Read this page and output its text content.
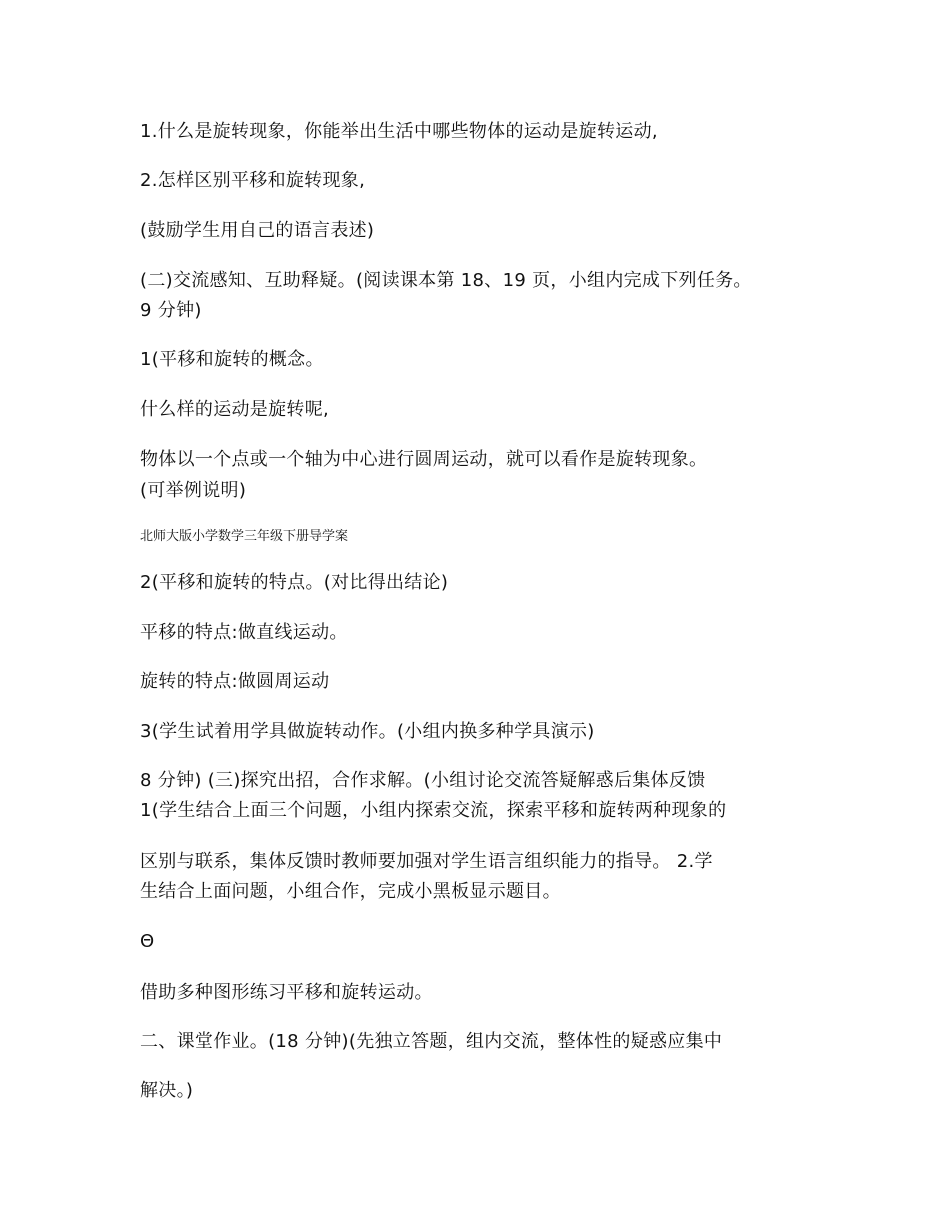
1.什么是旋转现象，你能举出生活中哪些物体的运动是旋转运动,
2.怎样区别平移和旋转现象,
(鼓励学生用自己的语言表述)
(二)交流感知、互助释疑。(阅读课本第 18、19 页，小组内完成下列任务。
9 分钟)
1(平移和旋转的概念。
什么样的运动是旋转呢,
物体以一个点或一个轴为中心进行圆周运动，就可以看作是旋转现象。
(可举例说明)
北师大版小学数学三年级下册导学案
2(平移和旋转的特点。(对比得出结论)
平移的特点:做直线运动。
旋转的特点:做圆周运动
3(学生试着用学具做旋转动作。(小组内换多种学具演示)
8 分钟) (三)探究出招，合作求解。(小组讨论交流答疑解惑后集体反馈
1(学生结合上面三个问题，小组内探索交流，探索平移和旋转两种现象的
区别与联系，集体反馈时教师要加强对学生语言组织能力的指导。 2.学
生结合上面问题，小组合作，完成小黑板显示题目。
Θ
借助多种图形练习平移和旋转运动。
二、课堂作业。(18 分钟)(先独立答题，组内交流，整体性的疑惑应集中
解决。)
